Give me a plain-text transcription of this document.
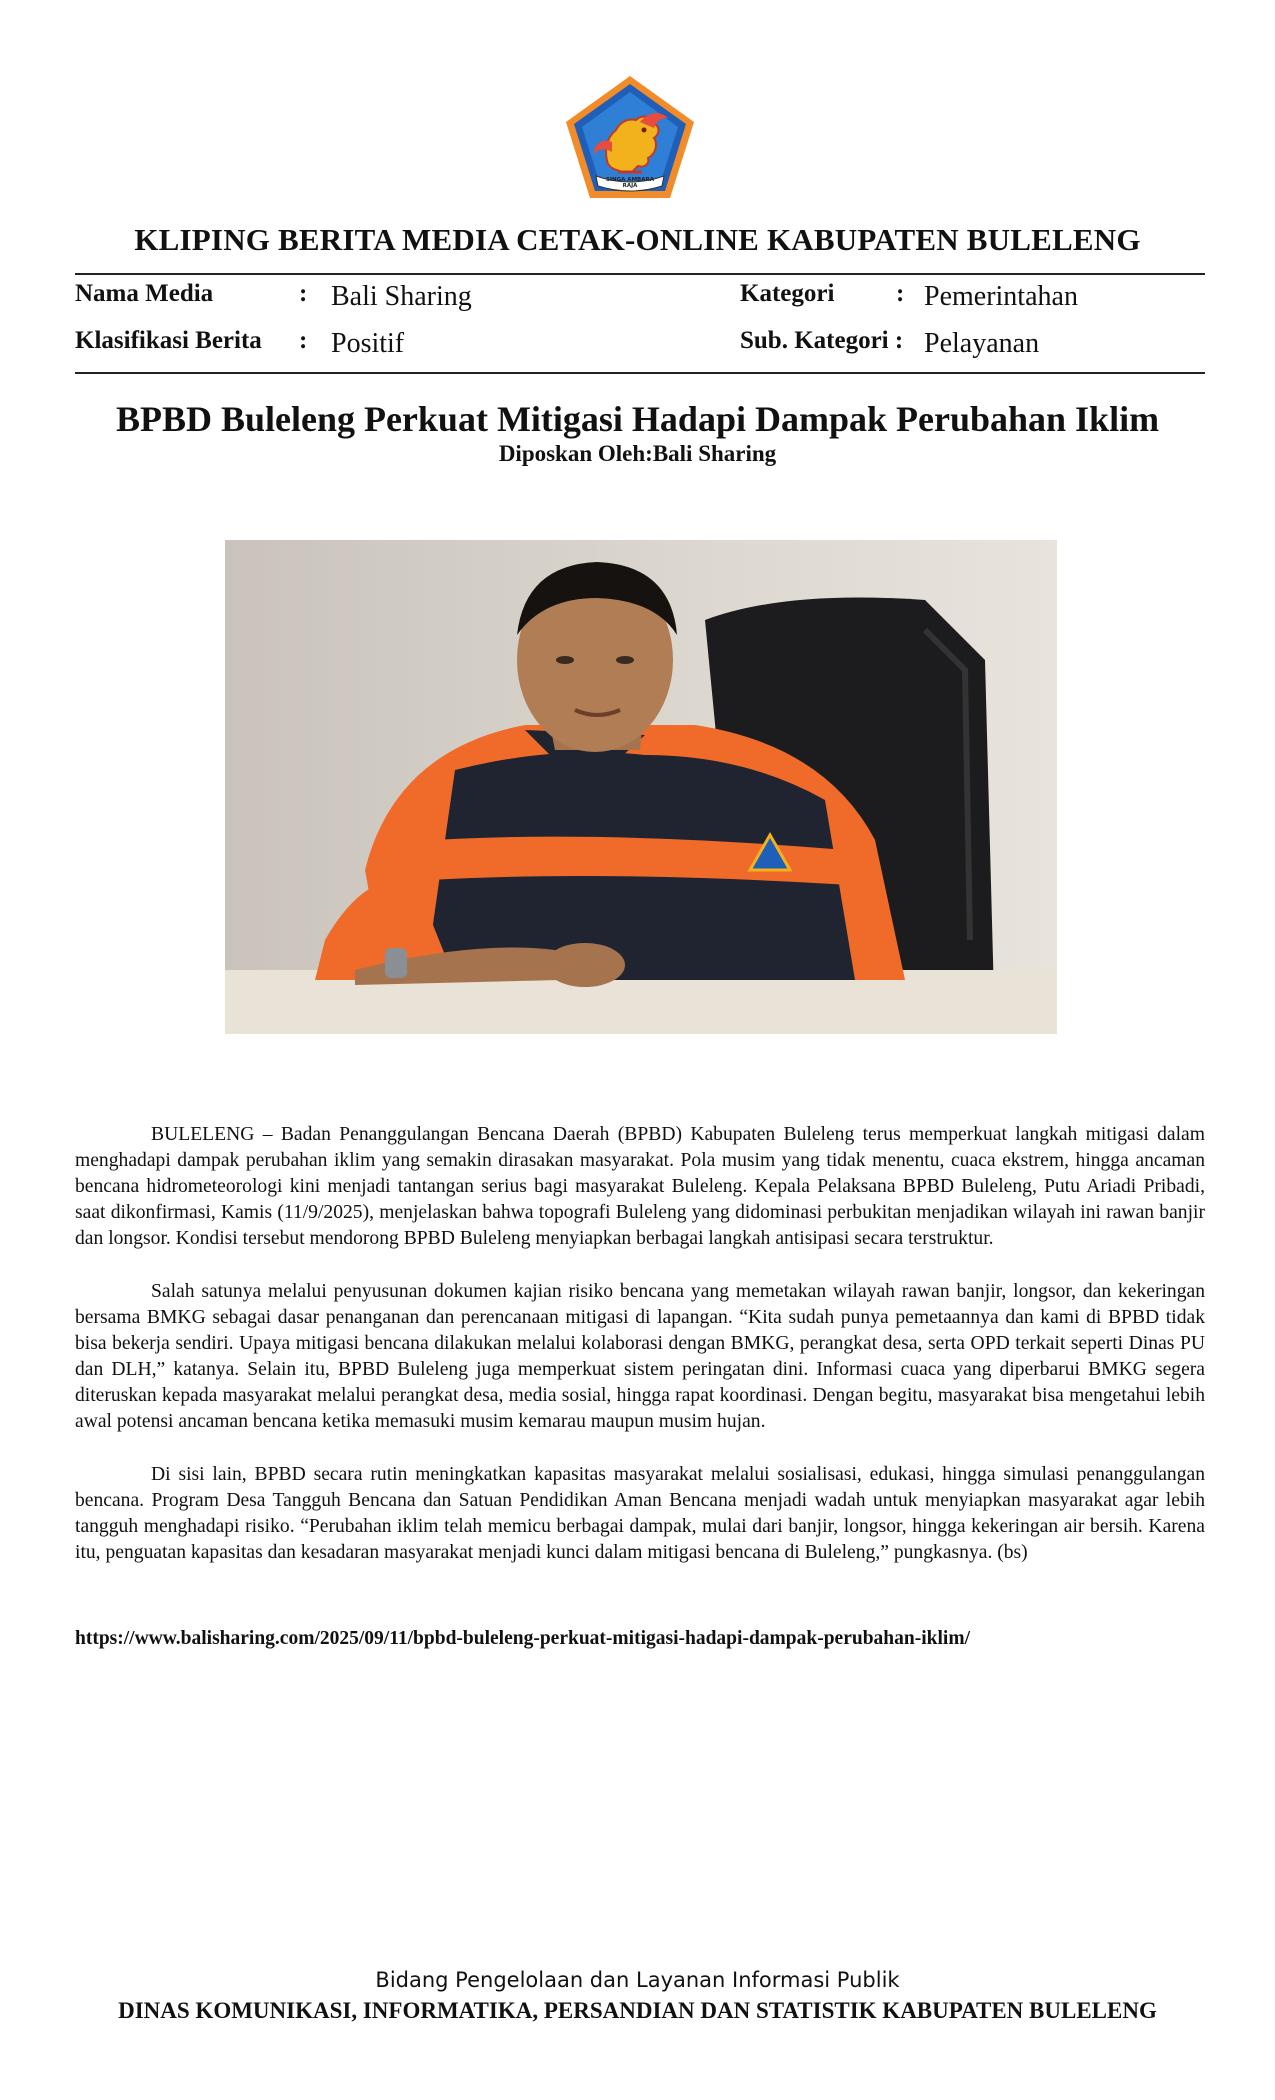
SINGA AMBARA RAJA
KLIPING BERITA MEDIA CETAK-ONLINE KABUPATEN BULELENG
Nama Media	: Bali Sharing	Kategori : Pemerintahan
Klasifikasi Berita : Positif	Sub. Kategori : Pelayanan
BPBD Buleleng Perkuat Mitigasi Hadapi Dampak Perubahan Iklim
Diposkan Oleh:Bali Sharing

BULELENG – Badan Penanggulangan Bencana Daerah (BPBD) Kabupaten Buleleng terus memperkuat langkah mitigasi dalam menghadapi dampak perubahan iklim yang semakin dirasakan masyarakat. Pola musim yang tidak menentu, cuaca ekstrem, hingga ancaman bencana hidrometeorologi kini menjadi tantangan serius bagi masyarakat Buleleng. Kepala Pelaksana BPBD Buleleng, Putu Ariadi Pribadi, saat dikonfirmasi, Kamis (11/9/2025), menjelaskan bahwa topografi Buleleng yang didominasi perbukitan menjadikan wilayah ini rawan banjir dan longsor. Kondisi tersebut mendorong BPBD Buleleng menyiapkan berbagai langkah antisipasi secara terstruktur.

Salah satunya melalui penyusunan dokumen kajian risiko bencana yang memetakan wilayah rawan banjir, longsor, dan kekeringan bersama BMKG sebagai dasar penanganan dan perencanaan mitigasi di lapangan. “Kita sudah punya pemetaannya dan kami di BPBD tidak bisa bekerja sendiri. Upaya mitigasi bencana dilakukan melalui kolaborasi dengan BMKG, perangkat desa, serta OPD terkait seperti Dinas PU dan DLH,” katanya. Selain itu, BPBD Buleleng juga memperkuat sistem peringatan dini. Informasi cuaca yang diperbarui BMKG segera diteruskan kepada masyarakat melalui perangkat desa, media sosial, hingga rapat koordinasi. Dengan begitu, masyarakat bisa mengetahui lebih awal potensi ancaman bencana ketika memasuki musim kemarau maupun musim hujan.

Di sisi lain, BPBD secara rutin meningkatkan kapasitas masyarakat melalui sosialisasi, edukasi, hingga simulasi penanggulangan bencana. Program Desa Tangguh Bencana dan Satuan Pendidikan Aman Bencana menjadi wadah untuk menyiapkan masyarakat agar lebih tangguh menghadapi risiko. “Perubahan iklim telah memicu berbagai dampak, mulai dari banjir, longsor, hingga kekeringan air bersih. Karena itu, penguatan kapasitas dan kesadaran masyarakat menjadi kunci dalam mitigasi bencana di Buleleng,” pungkasnya. (bs)

https://www.balisharing.com/2025/09/11/bpbd-buleleng-perkuat-mitigasi-hadapi-dampak-perubahan-iklim/
Bidang Pengelolaan dan Layanan Informasi Publik
DINAS KOMUNIKASI, INFORMATIKA, PERSANDIAN DAN STATISTIK KABUPATEN BULELENG
